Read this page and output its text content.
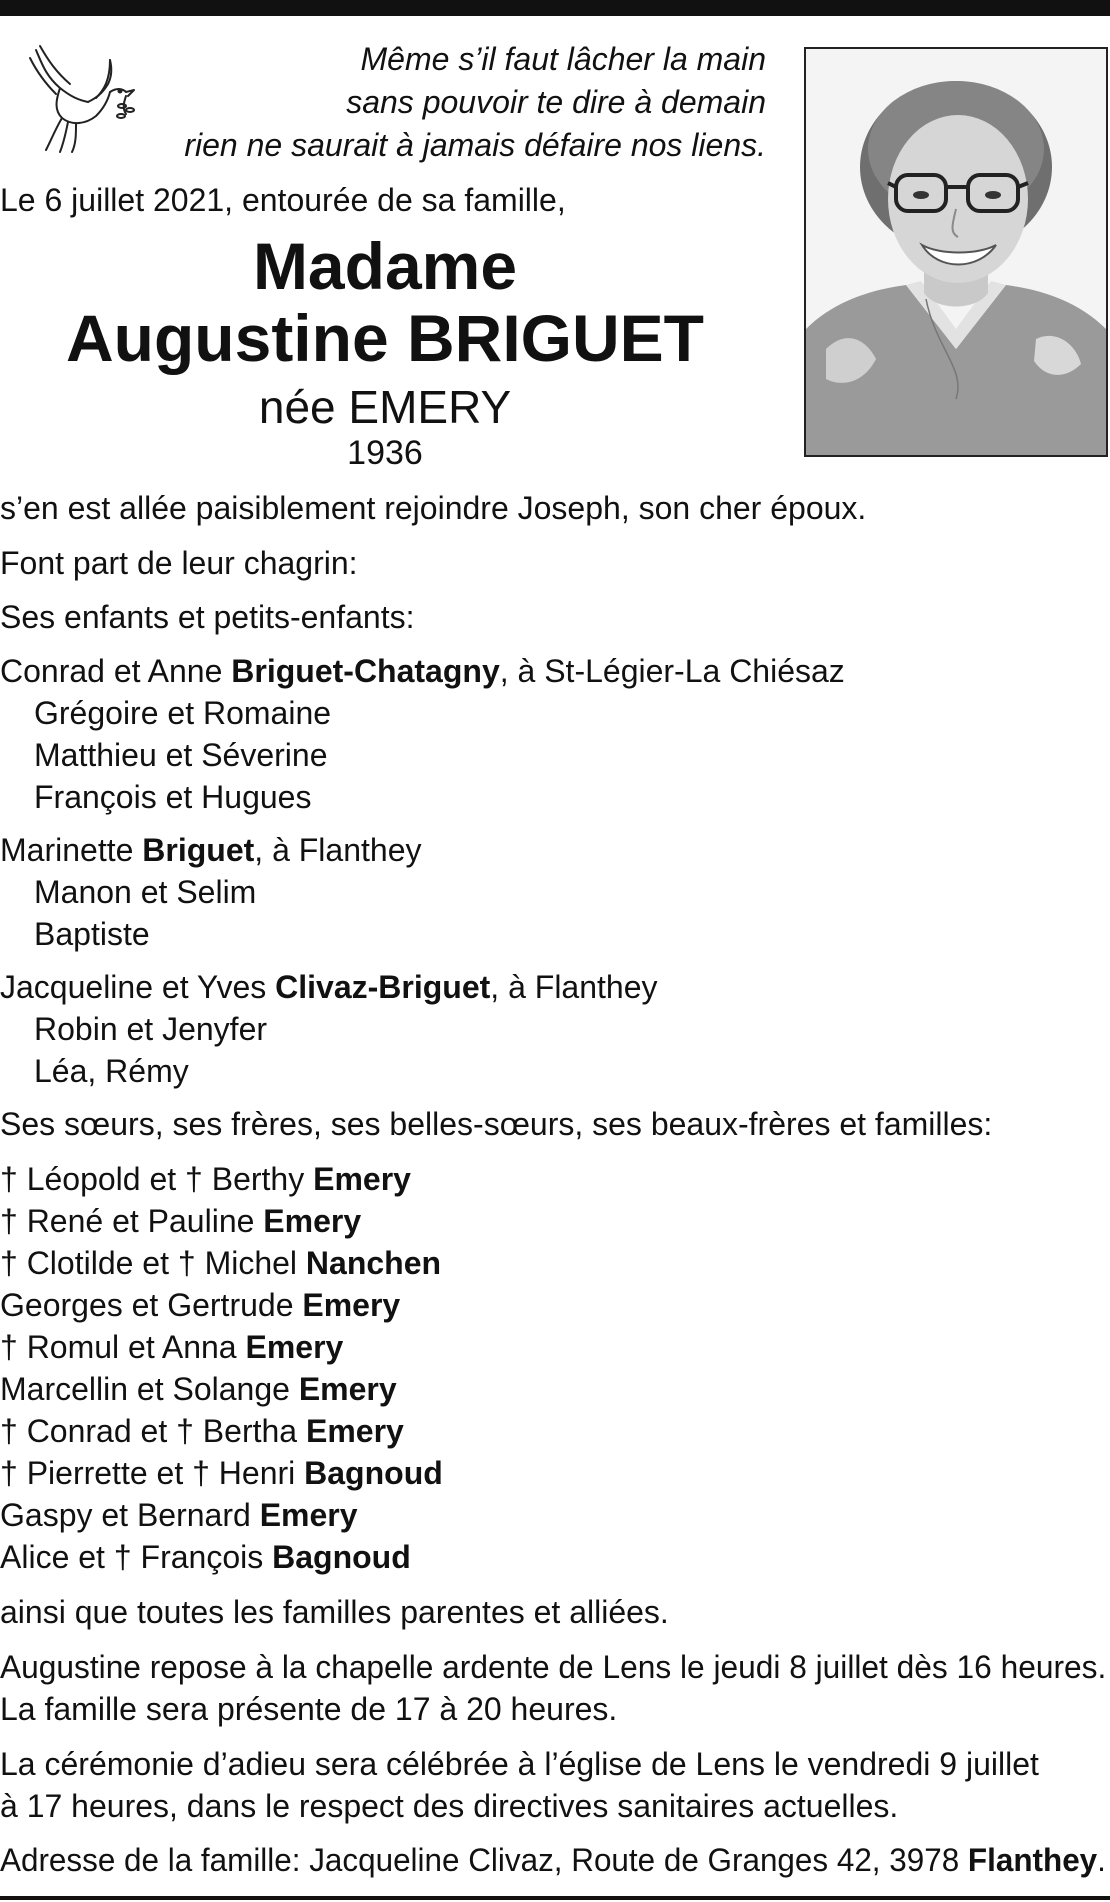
Même s’il faut lâcher la main
sans pouvoir te dire à demain
rien ne saurait à jamais défaire nos liens.
Le 6 juillet 2021, entourée de sa famille,
Madame
Augustine BRIGUET
née EMERY
1936
s’en est allée paisiblement rejoindre Joseph, son cher époux.
Font part de leur chagrin:
Ses enfants et petits-enfants:
Conrad et Anne Briguet-Chatagny, à St-Légier-La Chiésaz
Grégoire et Romaine
Matthieu et Séverine
François et Hugues
Marinette Briguet, à Flanthey
Manon et Selim
Baptiste
Jacqueline et Yves Clivaz-Briguet, à Flanthey
Robin et Jenyfer
Léa, Rémy
Ses sœurs, ses frères, ses belles-sœurs, ses beaux-frères et familles:
† Léopold et † Berthy Emery
† René et Pauline Emery
† Clotilde et † Michel Nanchen
Georges et Gertrude Emery
† Romul et Anna Emery
Marcellin et Solange Emery
† Conrad et † Bertha Emery
† Pierrette et † Henri Bagnoud
Gaspy et Bernard Emery
Alice et † François Bagnoud
ainsi que toutes les familles parentes et alliées.
Augustine repose à la chapelle ardente de Lens le jeudi 8 juillet dès 16 heures.
La famille sera présente de 17 à 20 heures.
La cérémonie d’adieu sera célébrée à l’église de Lens le vendredi 9 juillet
à 17 heures, dans le respect des directives sanitaires actuelles.
Adresse de la famille: Jacqueline Clivaz, Route de Granges 42, 3978 Flanthey.
